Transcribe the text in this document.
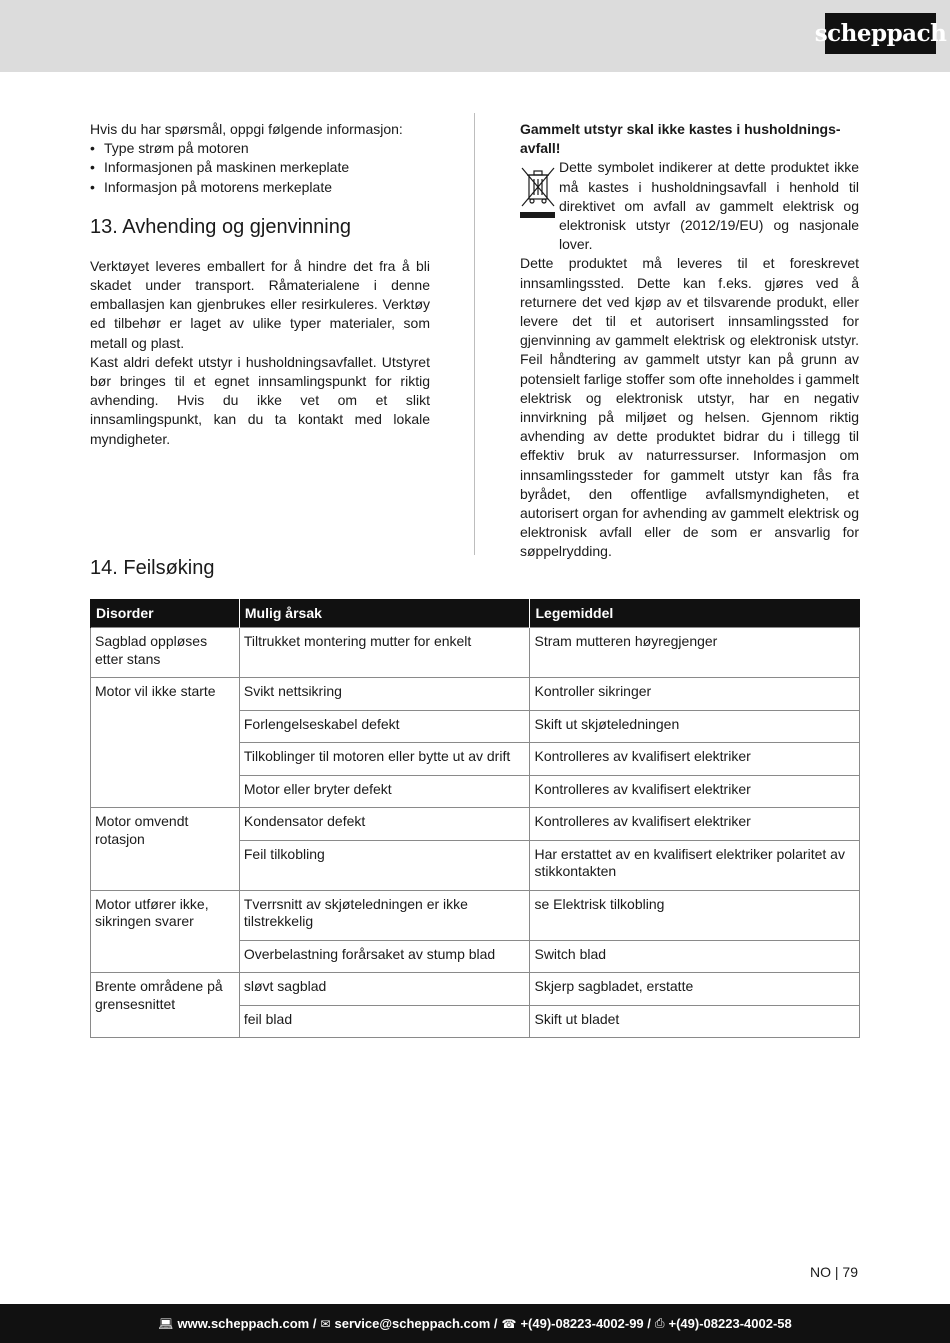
scheppach

Hvis du har spørsmål, oppgi følgende informasjon:

• Type strøm på motoren
• Informasjonen på maskinen merkeplate
• Informasjon på motorens merkeplate
13. Avhending og gjenvinning

Verktøyet leveres emballert for å hindre det fra å bli skadet under transport. Råmaterialene i denne emballasjen kan gjenbrukes eller resirkuleres. Verktøy ed tilbehør er laget av ulike typer materialer, som metall og plast.

Kast aldri defekt utstyr i husholdningsavfallet. Utstyret bør bringes til et egnet innsamlingspunkt for riktig avhending. Hvis du ikke vet om et slikt innsamlingspunkt, kan du ta kontakt med lokale myndigheter.

Gammelt utstyr skal ikke kastes i husholdnings-avfall!

Dette symbolet indikerer at dette produktet ikke må kastes i husholdningsavfall i henhold til direktivet om avfall av gammelt elektrisk og elektronisk utstyr (2012/19/EU) og nasjonale lover.

Dette produktet må leveres til et foreskrevet innsamlingssted. Dette kan f.eks. gjøres ved å returnere det ved kjøp av et tilsvarende produkt, eller levere det til et autorisert innsamlingssted for gjenvinning av gammelt elektrisk og elektronisk utstyr. Feil håndtering av gammelt utstyr kan på grunn av potensielt farlige stoffer som ofte inneholdes i gammelt elektrisk og elektronisk utstyr, har en negativ innvirkning på miljøet og helsen. Gjennom riktig avhending av dette produktet bidrar du i tillegg til effektiv bruk av naturressurser. Informasjon om innsamlingssteder for gammelt utstyr kan fås fra byrådet, den offentlige avfallsmyndigheten, et autorisert organ for avhending av gammelt elektrisk og elektronisk avfall eller de som er ansvarlig for søppelrydding.

14. Feilsøking
Disorder	Mulig årsak	Legemiddel
Sagblad oppløses etter stans	Tiltrukket montering mutter for enkelt	Stram mutteren høyregjenger
Motor vil ikke starte	Svikt nettsikring	Kontroller sikringer
	Forlengelseskabel defekt	Skift ut skjøteledningen
	Tilkoblinger til motoren eller bytte ut av drift	Kontrolleres av kvalifisert elektriker
	Motor eller bryter defekt	Kontrolleres av kvalifisert elektriker
Motor omvendt rotasjon	Kondensator defekt	Kontrolleres av kvalifisert elektriker
	Feil tilkobling	Har erstattet av en kvalifisert elektriker polaritet av stikkontakten
Motor utfører ikke, sikringen svarer	Tverrsnitt av skjøteledningen er ikke tilstrekkelig	se Elektrisk tilkobling
	Overbelastning forårsaket av stump blad	Switch blad
Brente områdene på grensesnittet	sløvt sagblad	Skjerp sagbladet, erstatte
	feil blad	Skift ut bladet
NO | 79
💻︎ www.scheppach.com / ✉ service@scheppach.com / ☎ +(49)-08223-4002-99 / ⎙ +(49)-08223-4002-58
